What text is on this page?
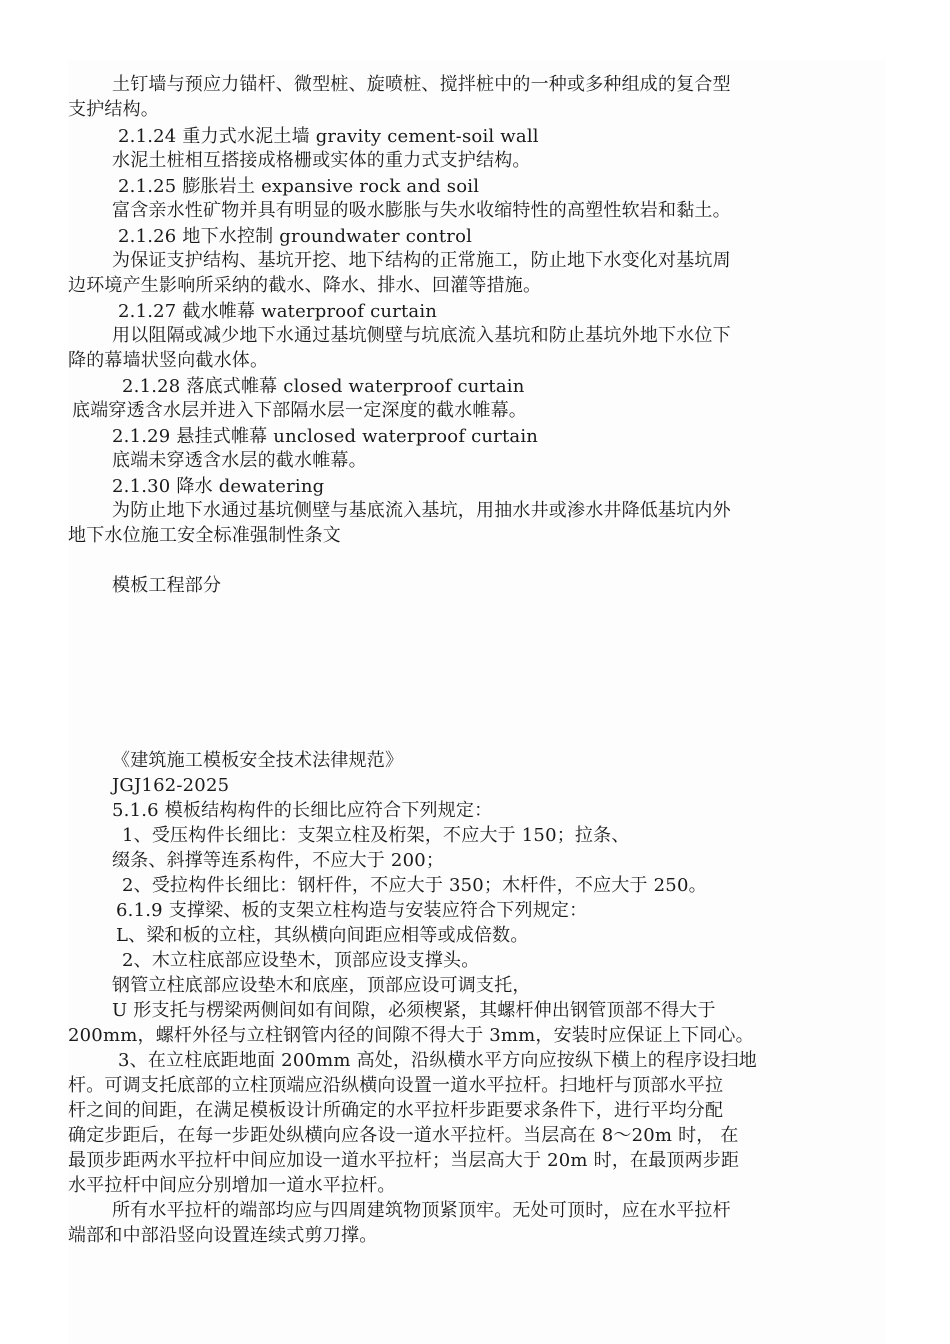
土钉墙与预应力锚杆、微型桩、旋喷桩、搅拌桩中的一种或多种组成的复合型
支护结构。
2.1.24 重力式水泥土墙 gravity cement-soil wall
水泥土桩相互搭接成格栅或实体的重力式支护结构。
2.1.25 膨胀岩土 expansive rock and soil
富含亲水性矿物并具有明显的吸水膨胀与失水收缩特性的高塑性软岩和黏土。
2.1.26 地下水控制 groundwater control
为保证支护结构、基坑开挖、地下结构的正常施工，防止地下水变化对基坑周
边环境产生影响所采纳的截水、降水、排水、回灌等措施。
2.1.27 截水帷幕 waterproof curtain
用以阻隔或减少地下水通过基坑侧壁与坑底流入基坑和防止基坑外地下水位下
降的幕墙状竖向截水体。
2.1.28 落底式帷幕 closed waterproof curtain
底端穿透含水层并进入下部隔水层一定深度的截水帷幕。
2.1.29 悬挂式帷幕 unclosed waterproof curtain
底端未穿透含水层的截水帷幕。
2.1.30 降水 dewatering
为防止地下水通过基坑侧壁与基底流入基坑，用抽水井或渗水井降低基坑内外
地下水位施工安全标准强制性条文
模板工程部分
《建筑施工模板安全技术法律规范》
JGJ162-2025
5.1.6 模板结构构件的长细比应符合下列规定：
1、受压构件长细比：支架立柱及桁架，不应大于 150；拉条、
缀条、斜撑等连系构件，不应大于 200；
2、受拉构件长细比：钢杆件，不应大于 350；木杆件，不应大于 250。
6.1.9 支撑梁、板的支架立柱构造与安装应符合下列规定：
L、梁和板的立柱，其纵横向间距应相等或成倍数。
2、木立柱底部应设垫木，顶部应设支撑头。
钢管立柱底部应设垫木和底座，顶部应设可调支托，
U 形支托与楞梁两侧间如有间隙，必须楔紧，其螺杆伸出钢管顶部不得大于
200mm，螺杆外径与立柱钢管内径的间隙不得大于 3mm，安装时应保证上下同心。
3、在立柱底距地面 200mm 高处，沿纵横水平方向应按纵下横上的程序设扫地
杆。可调支托底部的立柱顶端应沿纵横向设置一道水平拉杆。扫地杆与顶部水平拉
杆之间的间距，在满足模板设计所确定的水平拉杆步距要求条件下，进行平均分配
确定步距后，在每一步距处纵横向应各设一道水平拉杆。当层高在 8～20m 时， 在
最顶步距两水平拉杆中间应加设一道水平拉杆；当层高大于 20m 时，在最顶两步距
水平拉杆中间应分别增加一道水平拉杆。
所有水平拉杆的端部均应与四周建筑物顶紧顶牢。无处可顶时，应在水平拉杆
端部和中部沿竖向设置连续式剪刀撑。
